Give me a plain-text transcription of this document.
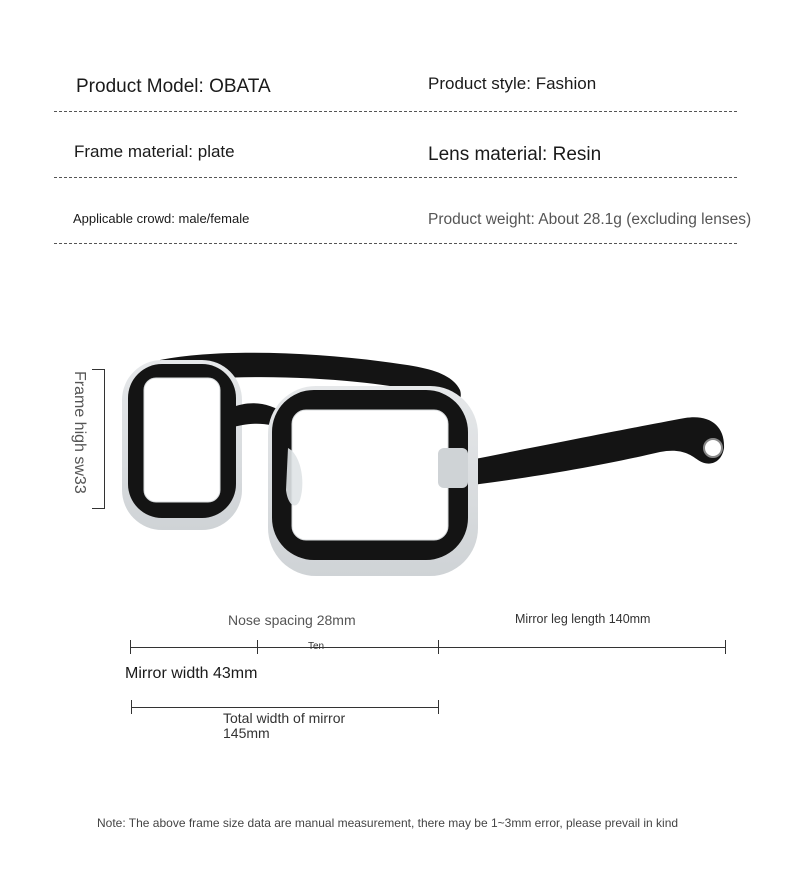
Product Model: OBATA	Product style: Fashion
Frame material: plate	Lens material: Resin
Applicable crowd: male/female	Product weight: About 28.1g (excluding lenses)
Frame high sw33
Nose spacing 28mm	Mirror leg length 140mm
Ten
Mirror width 43mm
Total width of mirror
145mm
Note: The above frame size data are manual measurement, there may be 1~3mm error, please prevail in kind
